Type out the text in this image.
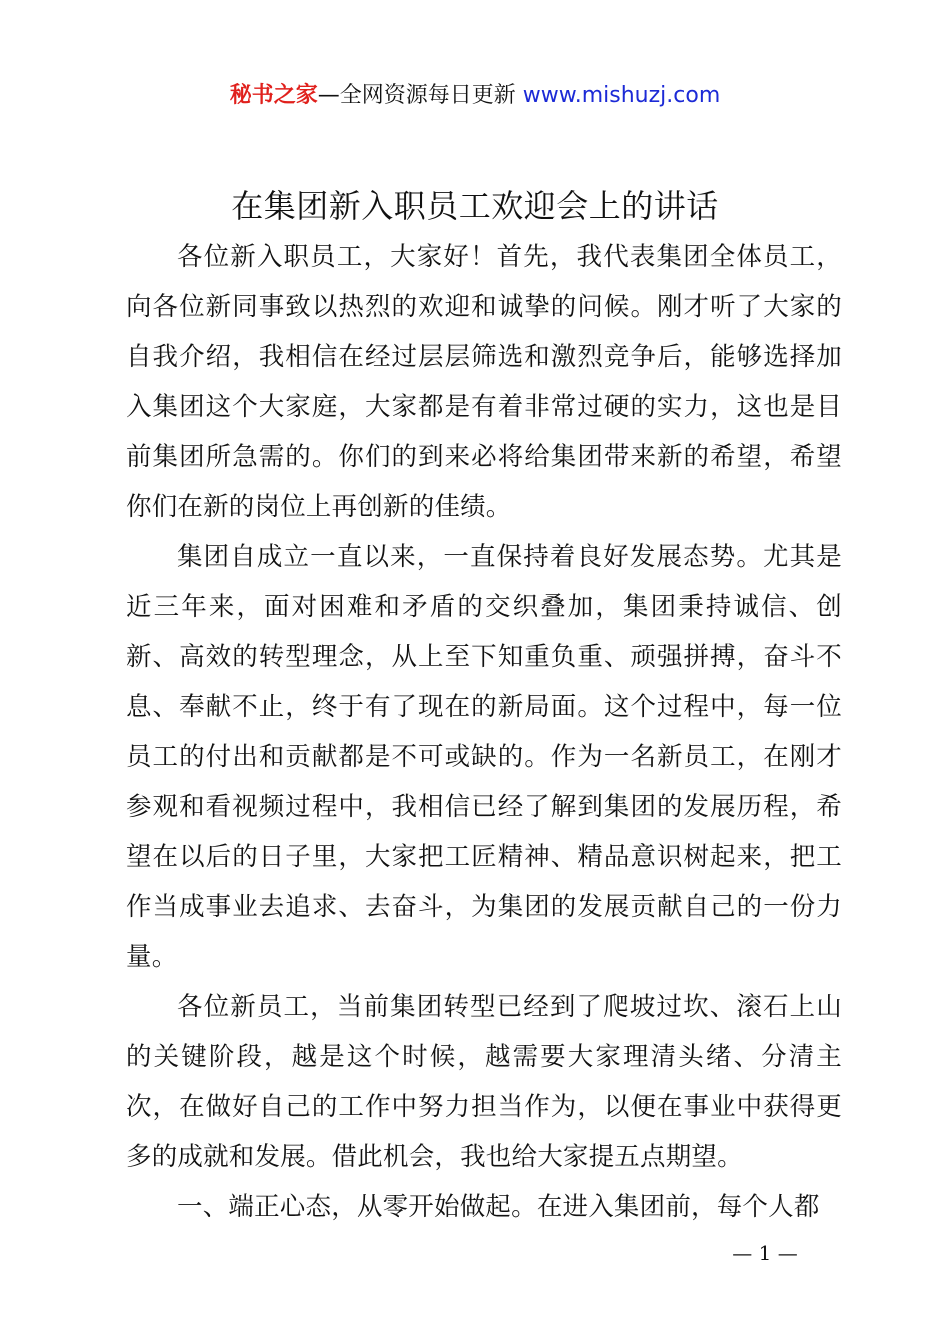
秘书之家—全网资源每日更新 www.mishuzj.com
在集团新入职员工欢迎会上的讲话

各位新入职员工，大家好！首先，我代表集团全体员工，向各位新同事致以热烈的欢迎和诚挚的问候。刚才听了大家的自我介绍，我相信在经过层层筛选和激烈竞争后，能够选择加入集团这个大家庭，大家都是有着非常过硬的实力，这也是目前集团所急需的。你们的到来必将给集团带来新的希望，希望你们在新的岗位上再创新的佳绩。

集团自成立一直以来，一直保持着良好发展态势。尤其是近三年来，面对困难和矛盾的交织叠加，集团秉持诚信、创新、高效的转型理念，从上至下知重负重、顽强拼搏，奋斗不息、奉献不止，终于有了现在的新局面。这个过程中，每一位员工的付出和贡献都是不可或缺的。作为一名新员工，在刚才参观和看视频过程中，我相信已经了解到集团的发展历程，希望在以后的日子里，大家把工匠精神、精品意识树起来，把工作当成事业去追求、去奋斗，为集团的发展贡献自己的一份力量。

各位新员工，当前集团转型已经到了爬坡过坎、滚石上山的关键阶段，越是这个时候，越需要大家理清头绪、分清主次，在做好自己的工作中努力担当作为，以便在事业中获得更多的成就和发展。借此机会，我也给大家提五点期望。

一、端正心态，从零开始做起。在进入集团前，每个人都

— 1 —
